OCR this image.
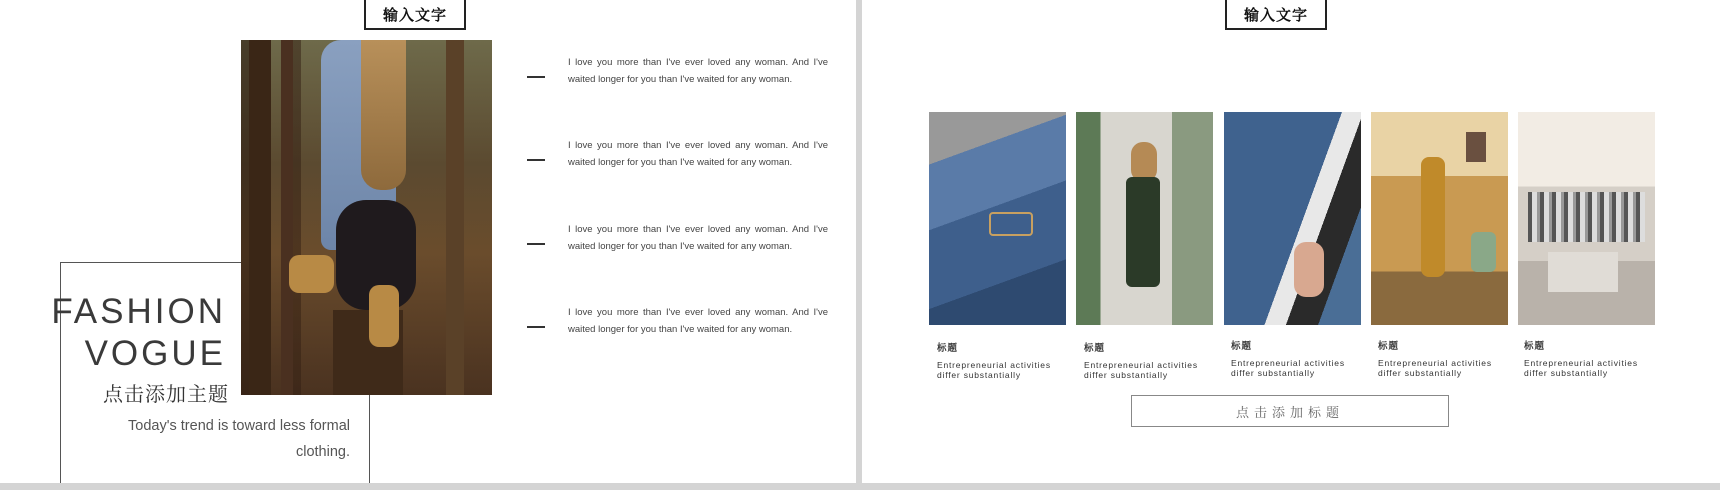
输入文字
FASHION
VOGUE
点击添加主题
Today's trend is toward less formal clothing.
I love you more than I've ever loved any woman. And I've waited longer for you than I've waited for any woman.
I love you more than I've ever loved any woman. And I've waited longer for you than I've waited for any woman.
I love you more than I've ever loved any woman. And I've waited longer for you than I've waited for any woman.
I love you more than I've ever loved any woman. And I've waited longer for you than I've waited for any woman.
输入文字
标题
Entrepreneurial activities differ substantially
标题
Entrepreneurial activities differ substantially
标题
Entrepreneurial activities differ substantially
标题
Entrepreneurial activities differ substantially
标题
Entrepreneurial activities differ substantially
点击添加标题
